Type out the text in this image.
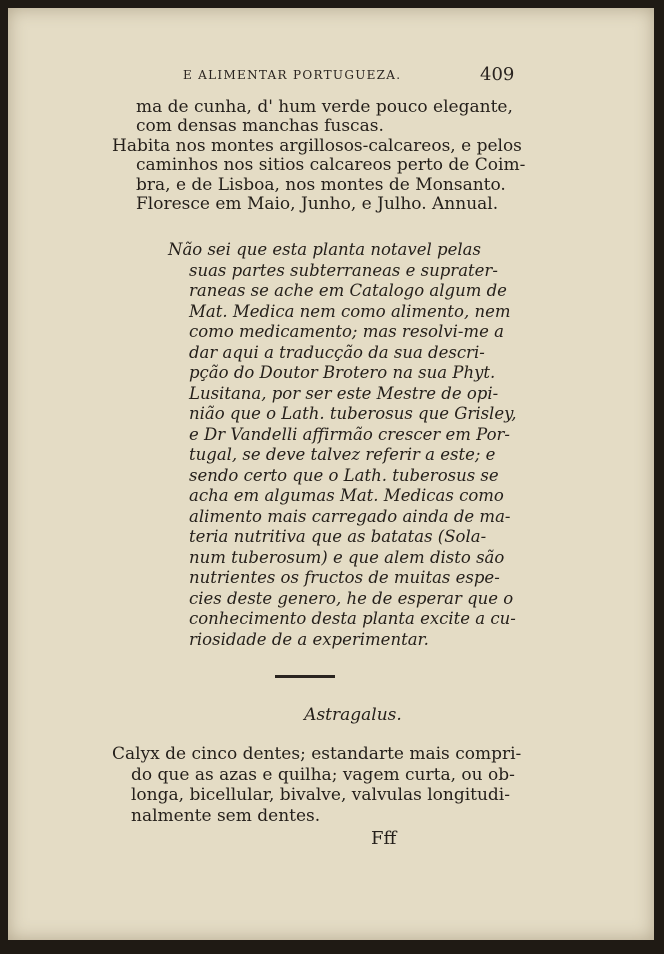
E ALIMENTAR PORTUGUEZA.	409
ma de cunha, d' hum verde pouco elegante,
com densas manchas fuscas.
Habita nos montes argillosos-calcareos, e pelos
caminhos nos sitios calcareos perto de Coim-
bra, e de Lisboa, nos montes de Monsanto.
Floresce em Maio, Junho, e Julho. Annual.
Não sei que esta planta notavel pelas
suas partes subterraneas e suprater-
raneas se ache em Catalogo algum de
Mat. Medica nem como alimento, nem
como medicamento; mas resolvi-me a
dar aqui a traducção da sua descri-
pção do Doutor Brotero na sua Phyt.
Lusitana, por ser este Mestre de opi-
nião que o Lath. tuberosus que Grisley,
e Dr Vandelli affirmão crescer em Por-
tugal, se deve talvez referir a este; e
sendo certo que o Lath. tuberosus se
acha em algumas Mat. Medicas como
alimento mais carregado ainda de ma-
teria nutritiva que as batatas (Sola-
num tuberosum) e que alem disto são
nutrientes os fructos de muitas espe-
cies deste genero, he de esperar que o
conhecimento desta planta excite a cu-
riosidade de a experimentar.
Astragalus.
Calyx de cinco dentes; estandarte mais compri-
do que as azas e quilha; vagem curta, ou ob-
longa, bicellular, bivalve, valvulas longitudi-
nalmente sem dentes.
Fff
